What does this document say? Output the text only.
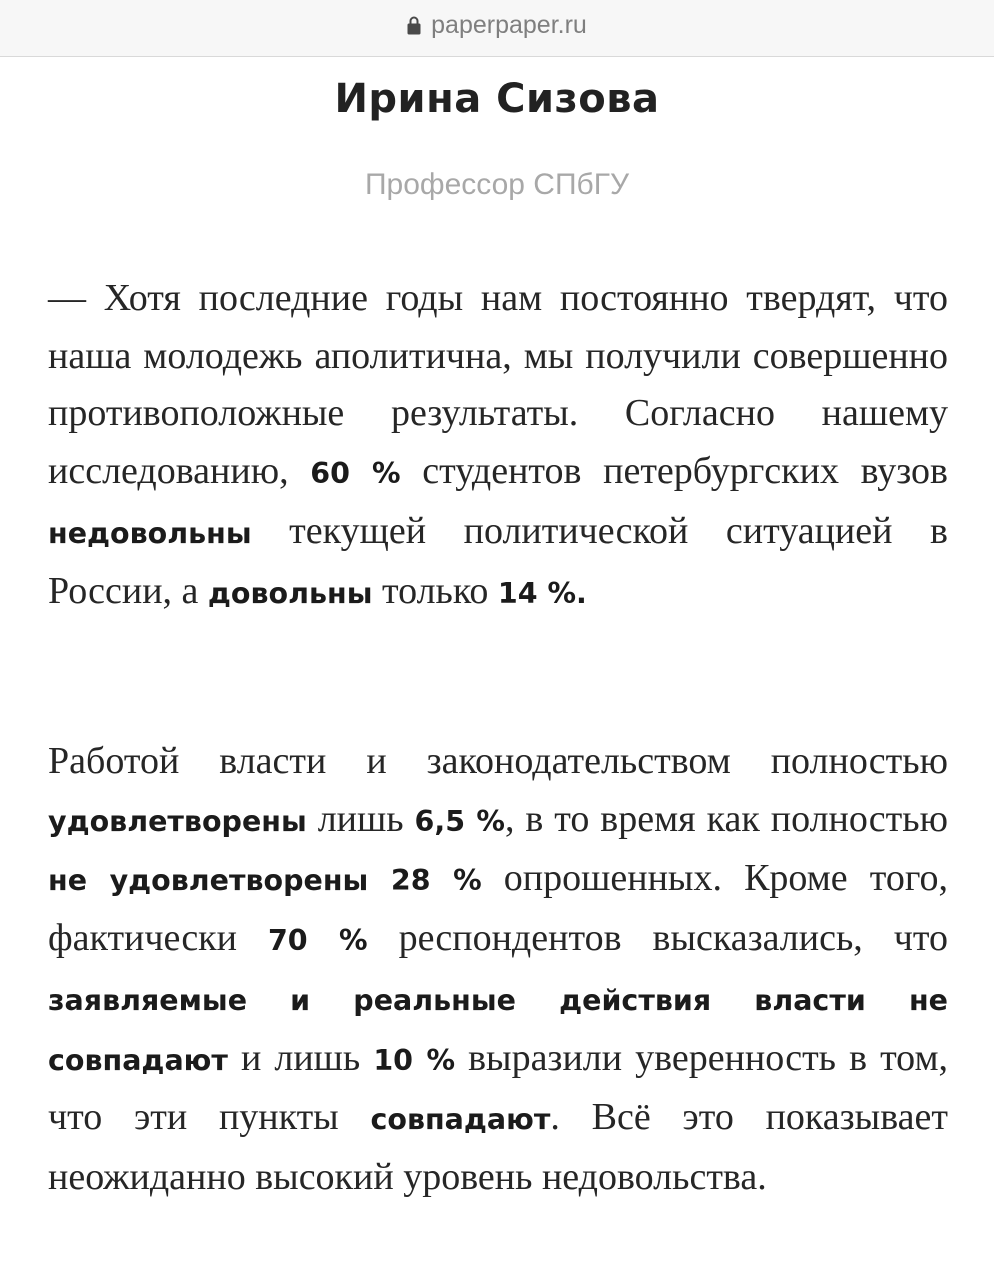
paperpaper.ru
Ирина Сизова
Профессор СПбГУ

— Хотя последние годы нам постоянно твердят, что наша молодежь аполитична, мы получили совершенно противоположные результаты. Согласно нашему исследованию, 60 % студентов петербургских вузов недовольны текущей политической ситуацией в России, а довольны только 14 %.

Работой власти и законодательством полностью удовлетворены лишь 6,5 %, в то время как полностью не удовлетворены 28 % опрошенных. Кроме того, фактически 70 % респондентов высказались, что заявляемые и реальные действия власти не совпадают и лишь 10 % выразили уверенность в том, что эти пункты совпадают. Всё это показывает неожиданно высокий уровень недовольства.
